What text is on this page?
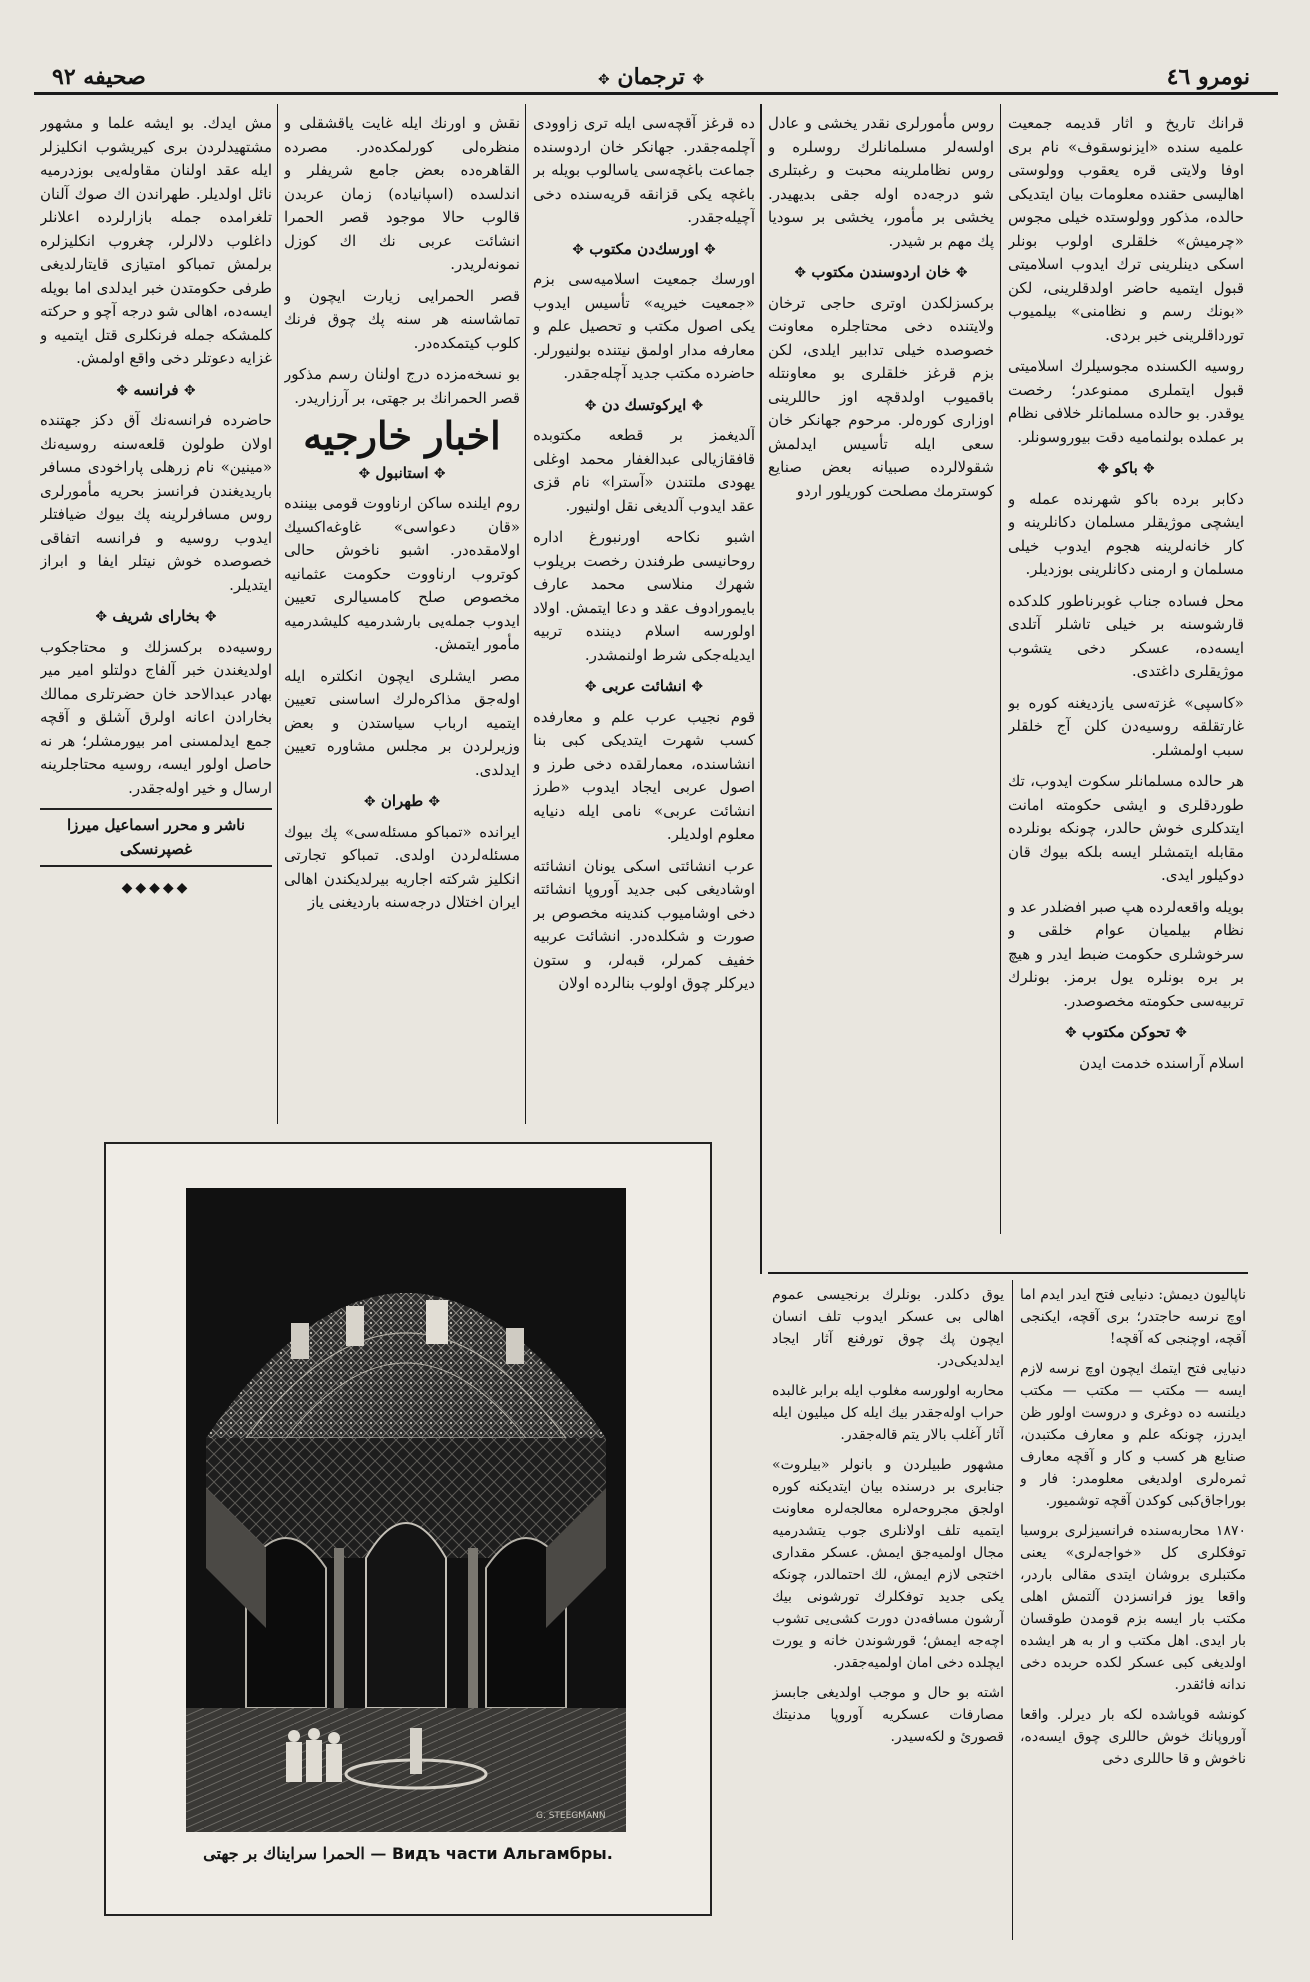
نومرو ٤٦
✥ ترجمان ✥
صحیفه ٩٢

قرانك تاریخ و اثار قدیمه جمعیت علمیه سنده «ایزنوسقوف» نام بری اوفا ولایتی قره یعقوب وولوستی اهالیسی حقنده معلومات بیان ایتدیکی حالده، مذکور وولوستده خیلی مجوس «چرمیش» خلقلری اولوب بونلر اسکی دینلرینی ترك ایدوب اسلامیتی قبول ایتمیه حاضر اولدقلرینی، لکن «بونك رسم و نظامنی» بیلمیوب تورداقلرینی خبر بردی.

روسیه الکسنده مجوسیلرك اسلامیتی قبول ایتملری ممنوعدر؛ رخصت یوقدر. بو حالده مسلمانلر خلافی نظام بر عملده بولنمامیه دقت بیوروسونلر.

✥ باکو ✥

دکابر برده باکو شهرنده عمله و ایشچی موژیقلر مسلمان دکانلرینه و کار خانه‌لرینه هجوم ایدوب خیلی مسلمان و ارمنی دکانلرینی بوزدیلر.

محل فساده جناب غوبرناطور کلدکده قارشوسنه بر خیلی تاشلر آتلدی ایسه‌ده، عسکر دخی یتشوب موژیقلری داغتدی.

«کاسپی» غزته‌سی یازدیغنه کوره بو غارتقلقه روسیه‌دن کلن آج خلقلر سبب اولمشلر.

هر حالده مسلمانلر سکوت ایدوب، تك طوردقلری و ایشی حکومته امانت ایتدکلری خوش حالدر، چونکه بونلرده مقابله ایتمشلر ایسه بلکه بیوك قان دوکیلور ایدی.

بویله واقعه‌لرده هپ صبر افضلدر عد و نظام بیلمیان عوام خلقی و سرخوشلری حکومت ضبط ایدر و هیچ بر بره بونلره یول برمز. بونلرك تربیه‌سی حکومته مخصوصدر.

✥ تحوکن مکتوب ✥

اسلام آراسنده خدمت ایدن

روس مأمورلری نقدر یخشی و عادل اولسه‌لر مسلمانلرك روسلره و روس نظاملرینه محبت و رغبتلری شو درجه‌ده اوله جقی بدیهیدر. یخشی بر مأمور، یخشی بر سودیا پك مهم بر شیدر.

✥ خان اردوسندن مکتوب ✥

برکسزلکدن اوتری حاجی ترخان ولایتنده دخی محتاجلره معاونت خصوصده خیلی تدابیر ایلدی، لکن بزم قرغز خلقلری بو معاونتله باقمیوب اولدقچه اوز حاللرینی اوزاری کوره‌لر. مرحوم جهانکر خان سعی ایله تأسیس ایدلمش شقولالرده صبیانه بعض صنایع کوسترمك مصلحت کوریلور اردو

ده قرغز آقچه‌سی ایله تری زاوودی آچلمه‌جقدر. جهانکر خان اردوسنده جماعت باغچه‌سی یاسالوب بویله بر باغچه یکی قزانقه قریه‌سنده دخی آچیله‌جقدر.

✥ اورسك‌دن مکتوب ✥

اورسك جمعیت اسلامیه‌سی بزم «جمعیت خیریه» تأسیس ایدوب یکی اصول مکتب و تحصیل علم و معارفه مدار اولمق نیتنده بولنیورلر. حاضرده مکتب جدید آچله‌جقدر.

✥ ایرکوتسك دن ✥

آلدیغمز بر قطعه مکتوبده قافقازیالی عبدالغفار محمد اوغلی یهودی ملتندن «آسترا» نام قزی عقد ایدوب آلدیغی نقل اولنیور.

اشبو نکاحه اورنبورغ اداره روحانیسی طرفندن رخصت بریلوب شهرك منلاسی محمد عارف بایمورادوف عقد و دعا ایتمش. اولاد اولورسه اسلام دیننده تربیه ایدیله‌جکی شرط اولنمشدر.

✥ انشائت عربی ✥

قوم نجیب عرب علم و معارفده کسب شهرت ایتدیکی کبی بنا انشاسنده، معمارلقده دخی طرز و اصول عربی ایجاد ایدوب «طرز انشائت عربی» نامی ایله دنیایه معلوم اولدیلر.

عرب انشائتی اسکی یونان انشائته اوشادیغی کبی جدید آوروپا انشائته دخی اوشامیوب کندینه مخصوص بر صورت و شکلده‌در. انشائت عربیه خفیف کمرلر، قبه‌لر، و ستون دیرکلر چوق اولوب بنالرده اولان

نقش و اورنك ایله غایت یاقشقلی و منظره‌لی کورلمکده‌در. مصرده القاهره‌ده بعض جامع شریفلر و اندلسده (اسپانیاده) زمان عربدن قالوب حالا موجود قصر الحمرا انشائت عربی نك اك کوزل نمونه‌لریدر.

قصر الحمرایی زیارت ایچون و تماشاسنه هر سنه پك چوق فرنك کلوب کیتمکده‌در.

بو نسخه‌مزده درج اولنان رسم مذکور قصر الحمرانك بر جهتی، بر آرزاریدر.

اخبار خارجیه
✥ استانبول ✥

روم ایلنده ساکن ارناووت قومی بیننده «قان دعواسی» غاوغه‌اکسیك اولامقده‌در. اشبو ناخوش حالی کوتروب ارناووت حکومت عثمانیه مخصوص صلح کامسیالری تعیین ایدوب جمله‌یی بارشدرمیه کلیشدرمیه مأمور ایتمش.

مصر ایشلری ایچون انکلتره ایله اوله‌جق مذاکره‌لرك اساسنی تعیین ایتمیه ارباب سیاستدن و بعض وزیرلردن بر مجلس مشاوره تعیین ایدلدی.

✥ طهران ✥

ایرانده «تمباکو مسئله‌سی» پك بیوك مسئله‌لردن اولدی. تمباکو تجارتی انکلیز شرکته اجاریه بیرلدیکندن اهالی ایران اختلال درجه‌سنه باردیغنی یاز

مش ایدك. بو ایشه علما و مشهور مشتهیدلردن بری کیریشوب انکلیزلر ایله عقد اولنان مقاوله‌یی بوزدرمیه نائل اولدیلر. طهراندن اك صوك آلنان تلغرامده جمله بازارلرده اعلانلر داغلوب دلالرلر، چغروب انکلیزلره برلمش تمباکو امتیازی قایتارلدیغی طرفی حکومتدن خبر ایدلدی اما بویله ایسه‌ده، اهالی شو درجه آچو و حرکته کلمشکه جمله فرنکلری قتل ایتمیه و غزایه دعوتلر دخی واقع اولمش.

✥ فرانسه ✥

حاضرده فرانسه‌نك آق دکز جهتنده اولان طولون قلعه‌سنه روسیه‌نك «مینین» نام زرهلی پاراخودی مسافر باریدیغندن فرانسز بحریه مأمورلری روس مسافرلرینه پك بیوك ضیافتلر ایدوب روسیه و فرانسه اتفاقی خصوصده خوش نیتلر ایفا و ابراز ایتدیلر.

✥ بخارای شریف ✥

روسیه‌ده برکسزلك و محتاجکوب اولدیغندن خبر آلفاج دولتلو امیر میر بهادر عبدالاحد خان حضرتلری ممالك بخارادن اعانه اولرق آشلق و آقچه جمع ایدلمسنی امر بیورمشلر؛ هر نه حاصل اولور ایسه، روسیه محتاجلرینه ارسال و خیر اوله‌جقدر.

ناشر و محرر اسماعیل میرزا غصپرنسکی
◆◆◆◆◆

ناپالیون دیمش: دنیایی فتح ایدر ایدم اما اوچ نرسه حاجتدر؛ بری آقچه، ایکنجی آقچه، اوچنجی که آقچه!

دنیایی فتح ایتمك ایچون اوچ نرسه لازم ایسه — مکتب — مکتب — مکتب دیلنسه ده دوغری و دروست اولور ظن ایدرز، چونکه علم و معارف مکتبدن، صنایع هر کسب و کار و آقچه معارف ثمره‌لری اولدیغی معلومدر: فار و بوراجاق‌کبی کوکدن آقچه توشمیور.

١٨٧٠ محاربه‌سنده فرانسیزلری بروسیا توفکلری کل «خواجه‌لری» یعنی مکتبلری بروشان ایتدی مقالی باردر، واقعا یوز فرانسزدن آلتمش اهلی مکتب بار ایسه بزم قومدن طوقسان بار ایدی. اهل مکتب و ار به هر ایشده اولدیغی کبی عسکر لکده حربده دخی ندانه فائقدر.

کونشه قویاشده لکه بار دیرلر. واقعا آوروپانك خوش حاللری چوق ایسه‌ده، ناخوش و قا حاللری دخی

یوق دکلدر. بونلرك برنجیسی عموم اهالی بی عسکر ایدوب تلف انسان ایچون پك چوق تورفنع آثار ایجاد ایدلدیکی‌در.

محاربه اولورسه مغلوب ایله برابر غالبده حراب اوله‌جقدر بیك ایله کل میلیون ایله آثار آغلب بالار یتم قاله‌جقدر.

مشهور طبیلردن و بانولر «بیلروت» جنابری بر درسنده بیان ایتدیکنه کوره اولجق مجروحه‌لره معالجه‌لره معاونت ایتمیه تلف اولانلری جوب یتشدرمیه مجال اولمیه‌جق ایمش. عسکر مقداری اختجی لازم ایمش، لك احتمالدر، چونکه یکی جدید توفکلرك تورشونی بیك آرشون مسافه‌دن دورت کشی‌یی تشوب اچه‌جه ایمش؛ قورشوندن خانه و یورت ایچلده دخی امان اولمیه‌جقدر.

اشته بو حال و موجب اولدیغی جابسز مصارفات عسکریه آوروپا مدنیتك قصورئ و لکه‌سیدر.

G. STEEGMANN
الحمرا سرایناك بر جهتی — Видъ части Альгамбры.
